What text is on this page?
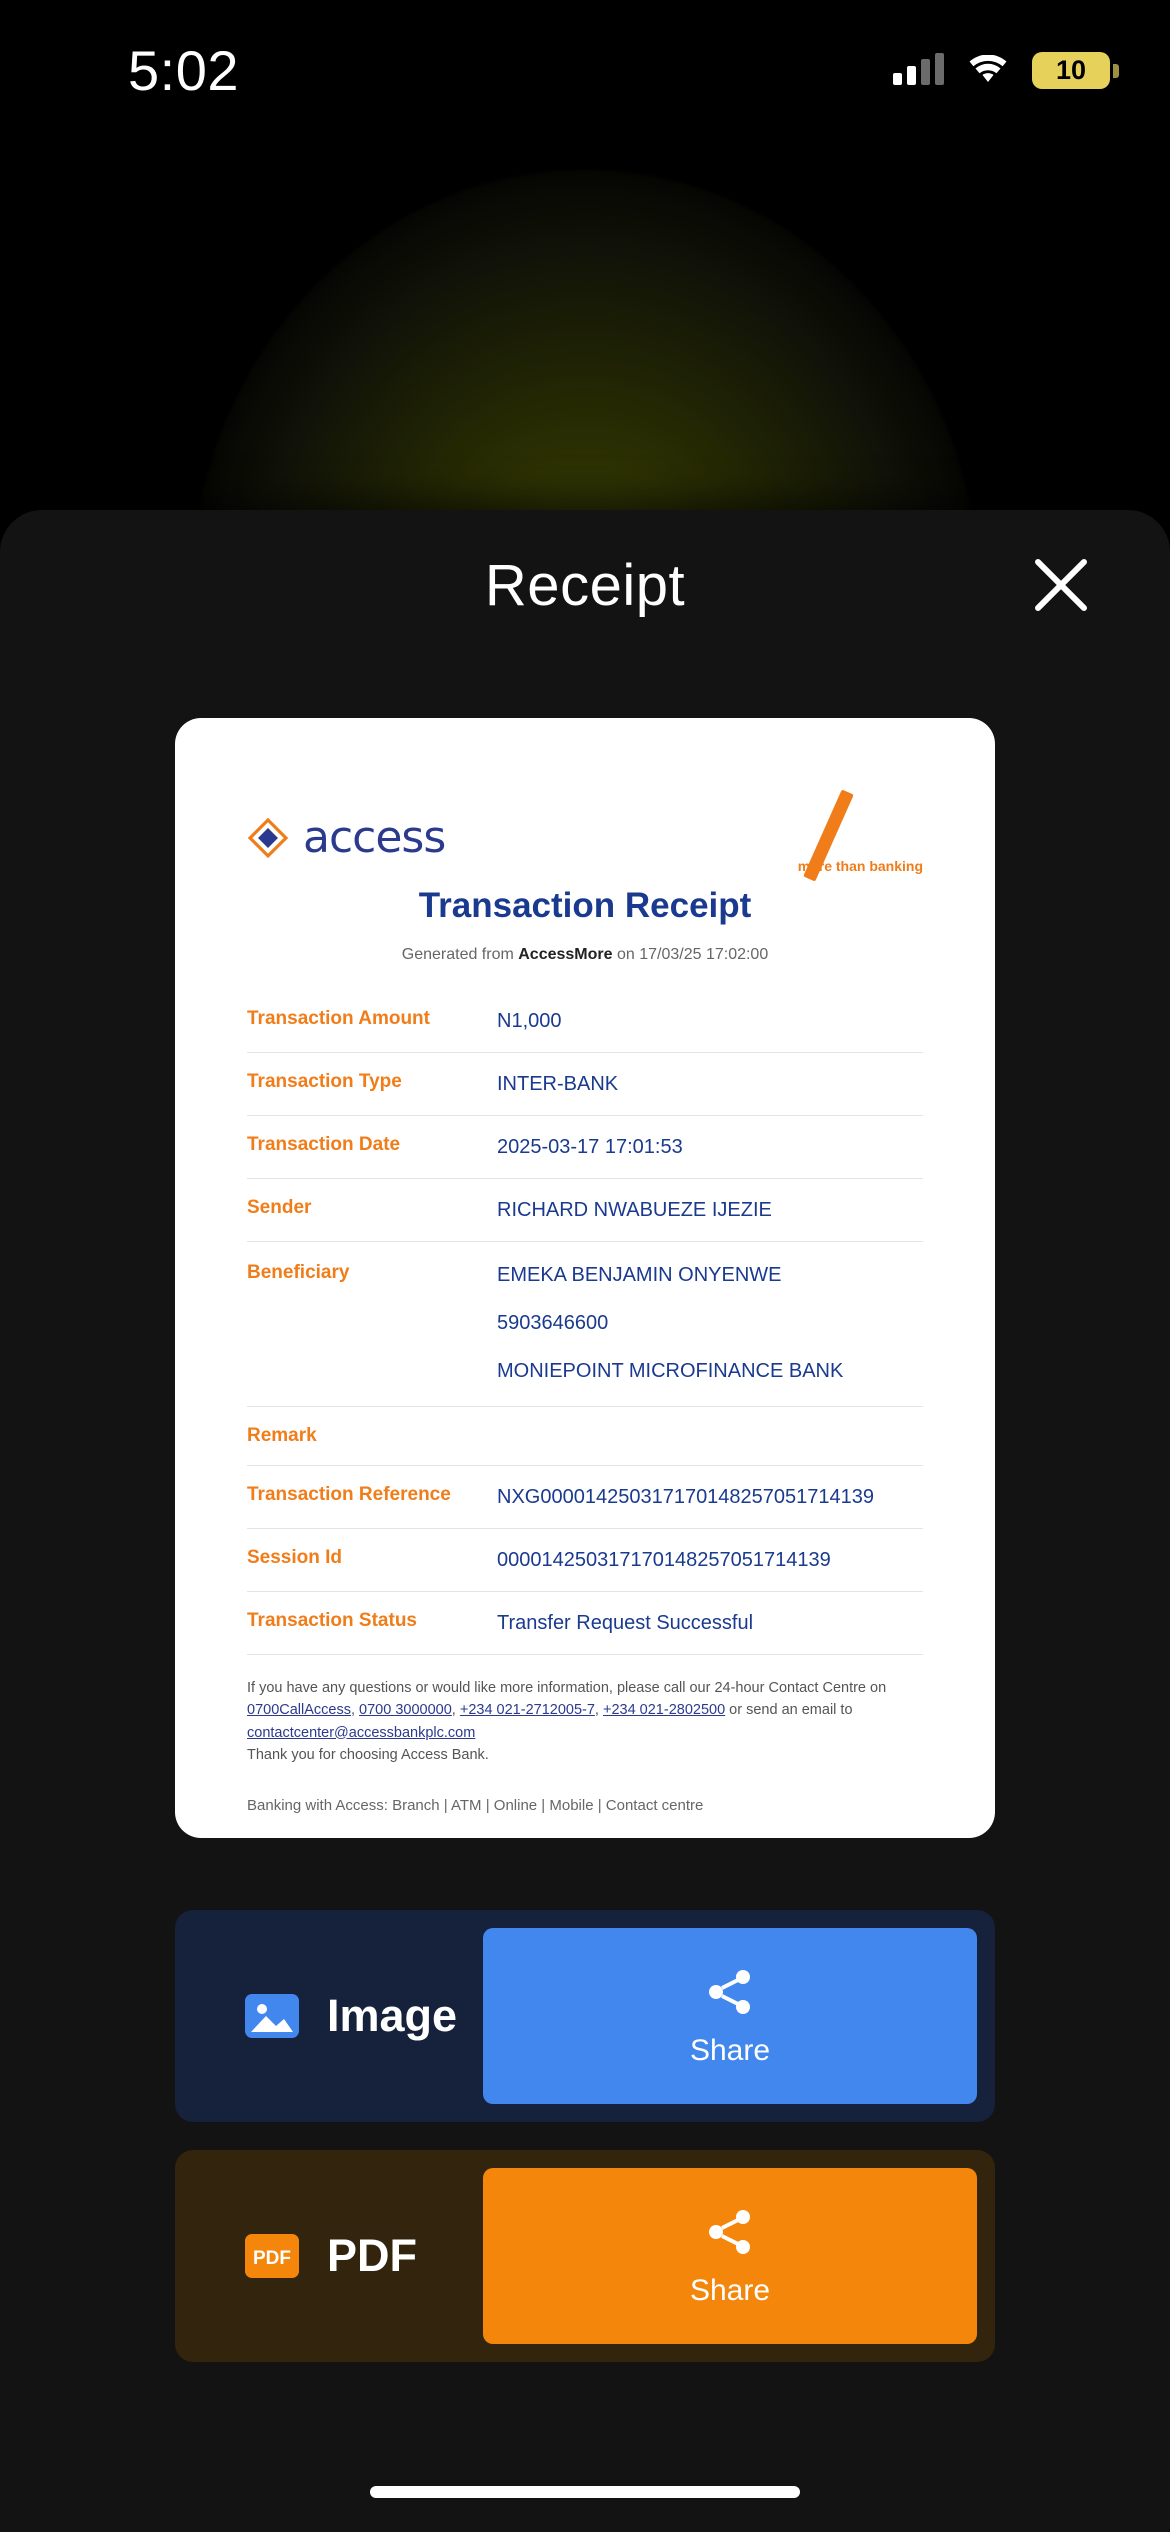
5:02	10
Receipt
access
more than banking
Transaction Receipt
Generated from AccessMore on 17/03/25 17:02:00
Transaction Amount	N1,000
Transaction Type	INTER-BANK
Transaction Date	2025-03-17 17:01:53
Sender	RICHARD NWABUEZE IJEZIE
Beneficiary	EMEKA BENJAMIN ONYENWE
5903646600
MONIEPOINT MICROFINANCE BANK
Remark
Transaction Reference	NXG000014250317170148257051714139
Session Id	000014250317170148257051714139
Transaction Status	Transfer Request Successful
If you have any questions or would like more information, please call our 24-hour Contact Centre on 0700CallAccess, 0700 3000000, +234 021-2712005-7, +234 021-2802500 or send an email to
contactcenter@accessbankplc.com
Thank you for choosing Access Bank.
Banking with Access: Branch | ATM | Online | Mobile | Contact centre
Image
Share
PDF PDF
Share
